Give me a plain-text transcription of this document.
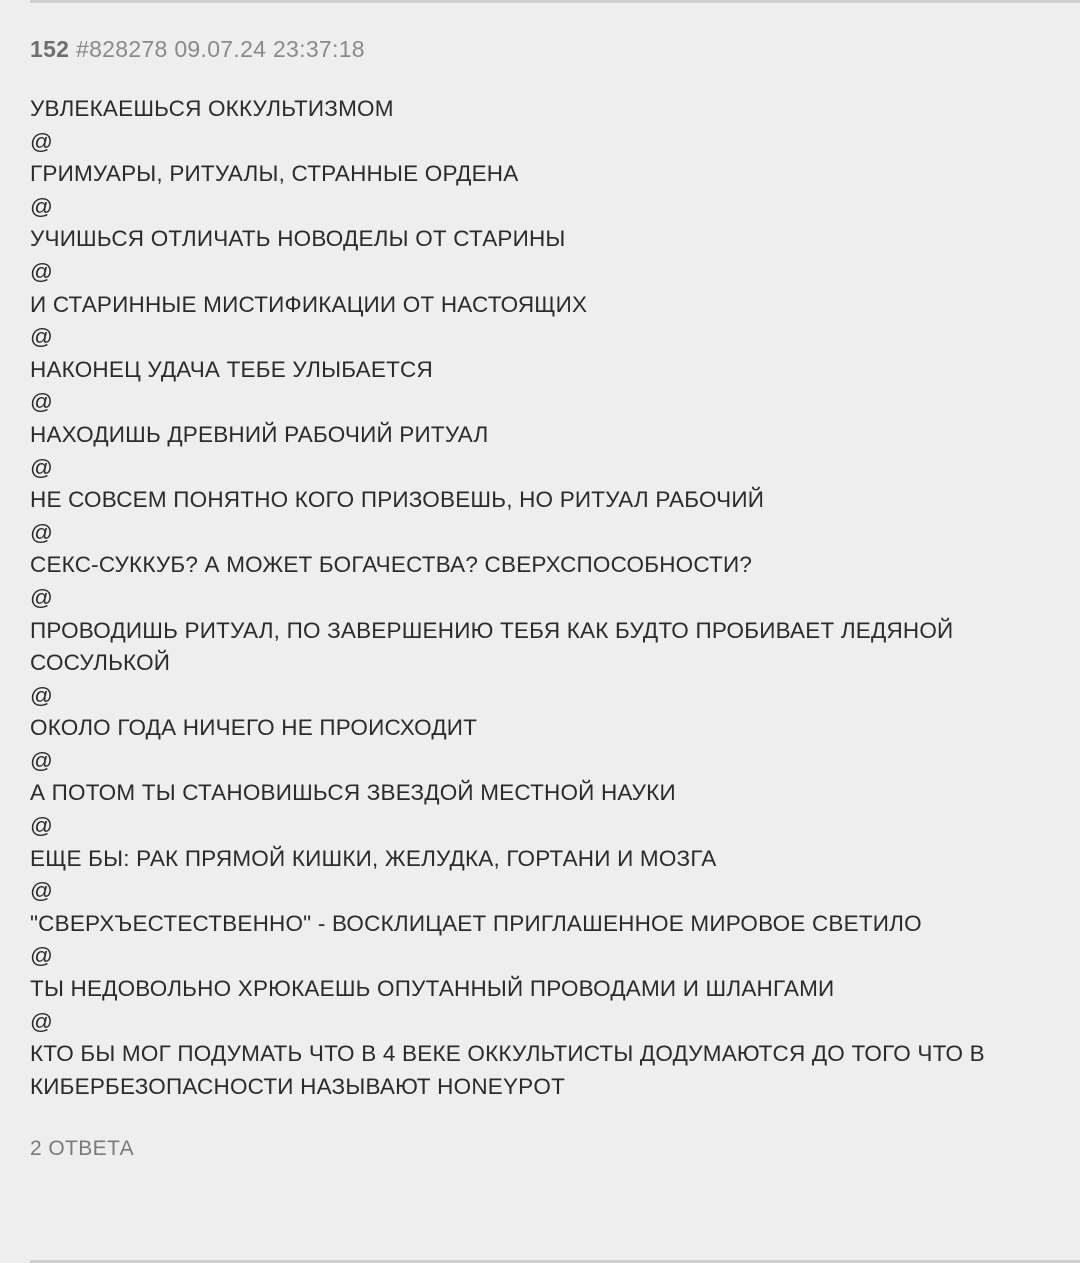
152 #828278 09.07.24 23:37:18
УВЛЕКАЕШЬСЯ ОККУЛЬТИЗМОМ
@
ГРИМУАРЫ, РИТУАЛЫ, СТРАННЫЕ ОРДЕНА
@
УЧИШЬСЯ ОТЛИЧАТЬ НОВОДЕЛЫ ОТ СТАРИНЫ
@
И СТАРИННЫЕ МИСТИФИКАЦИИ ОТ НАСТОЯЩИХ
@
НАКОНЕЦ УДАЧА ТЕБЕ УЛЫБАЕТСЯ
@
НАХОДИШЬ ДРЕВНИЙ РАБОЧИЙ РИТУАЛ
@
НЕ СОВСЕМ ПОНЯТНО КОГО ПРИЗОВЕШЬ, НО РИТУАЛ РАБОЧИЙ
@
СЕКС-СУККУБ? А МОЖЕТ БОГАЧЕСТВА? СВЕРХСПОСОБНОСТИ?
@
ПРОВОДИШЬ РИТУАЛ, ПО ЗАВЕРШЕНИЮ ТЕБЯ КАК БУДТО ПРОБИВАЕТ ЛЕДЯНОЙ СОСУЛЬКОЙ
@
ОКОЛО ГОДА НИЧЕГО НЕ ПРОИСХОДИТ
@
А ПОТОМ ТЫ СТАНОВИШЬСЯ ЗВЕЗДОЙ МЕСТНОЙ НАУКИ
@
ЕЩЕ БЫ: РАК ПРЯМОЙ КИШКИ, ЖЕЛУДКА, ГОРТАНИ И МОЗГА
@
"СВЕРХЪЕСТЕСТВЕННО" - ВОСКЛИЦАЕТ ПРИГЛАШЕННОЕ МИРОВОЕ СВЕТИЛО
@
ТЫ НЕДОВОЛЬНО ХРЮКАЕШЬ ОПУТАННЫЙ ПРОВОДАМИ И ШЛАНГАМИ
@
КТО БЫ МОГ ПОДУМАТЬ ЧТО В 4 ВЕКЕ ОККУЛЬТИСТЫ ДОДУМАЮТСЯ ДО ТОГО ЧТО В КИБЕРБЕЗОПАСНОСТИ НАЗЫВАЮТ HONEYPOT
2 ОТВЕТА
